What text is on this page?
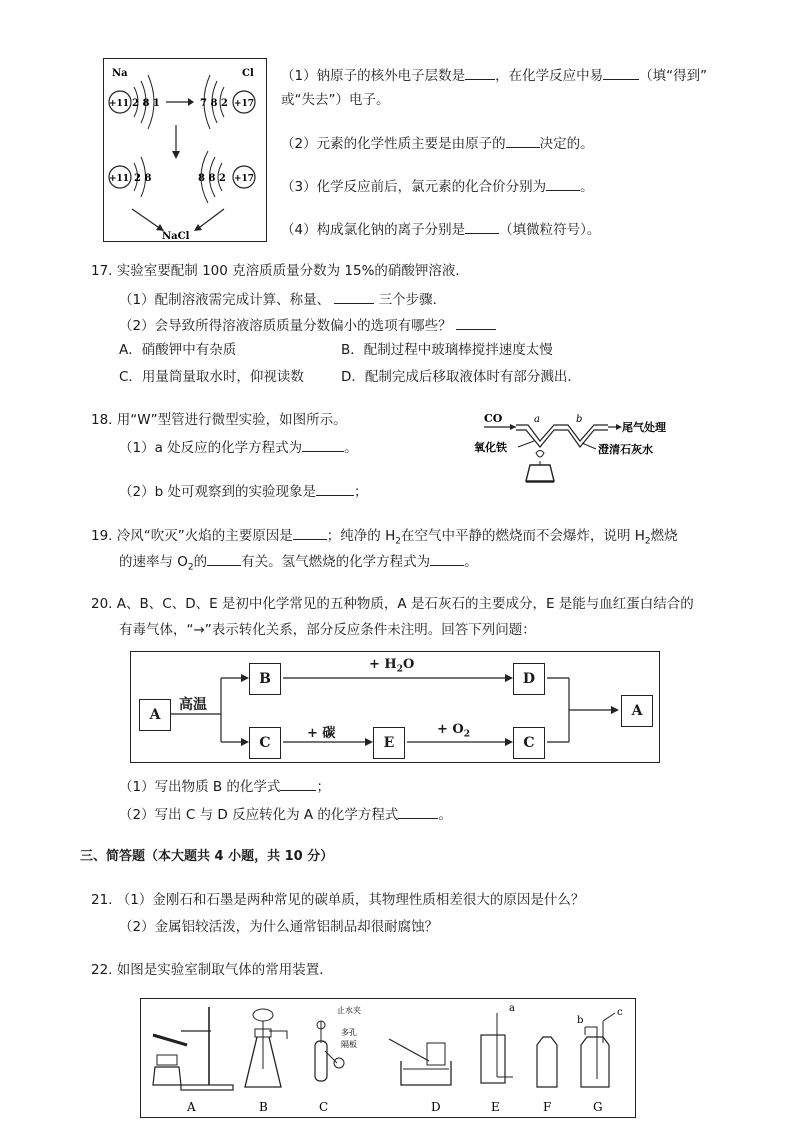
Na
+11 2 8 1
Cl
7 8 2 +17
+11 2 8	8 8 2 +17
NaCl
（1）钠原子的核外电子层数是 ，在化学反应中易	（填“得到”
或“失去”）电子。
（2）元素的化学性质主要是由原子的	决定的。
（3）化学反应前后，氯元素的化合价分别为	。
（4）构成氯化钠的离子分别是	（填微粒符号）。
17. 实验室要配制 100 克溶质质量分数为 15%的硝酸钾溶液．
（1）配制溶液需完成计算、称量、	三个步骤．
（2）会导致所得溶液溶质质量分数偏小的选项有哪些？
A．硝酸钾中有杂质	B．配制过程中玻璃棒搅拌速度太慢
C．用量筒量取水时，仰视读数	D．配制完成后移取液体时有部分溅出．
18. 用“W”型管进行微型实验，如图所示。
（1）a 处反应的化学方程式为	。
（2）b 处可观察到的实验现象是	；
CO	a	b
尾气处理
氧化铁	澄清石灰水
19. 冷风“吹灭”火焰的主要原因是	；纯净的 $H_2$在空气中平静的燃烧而不会爆炸，说明 $H_2$燃烧
的速率与 $O_2$的	有关。氢气燃烧的化学方程式为	。
20. A、B、C、D、E 是初中化学常见的五种物质，A 是石灰石的主要成分，E 是能与血红蛋白结合的
有毒气体，“→”表示转化关系，部分反应条件未注明。回答下列问题：
A
高温
B
+ $H_2O$
D
C
+ 碳
E
+ $O_2$
C
A
（1）写出物质 B 的化学式	；
（2）写出 C 与 D 反应转化为 A 的化学方程式	。
三、简答题（本大题共 4 小题，共 10 分）
21. （1）金刚石和石墨是两种常见的碳单质，其物理性质相差很大的原因是什么？
（2）金属铝较活泼，为什么通常铝制品却很耐腐蚀？
22. 如图是实验室制取气体的常用装置．
止水夹
多孔
隔板
a
b
c
A	B	C	D	E	F	G
